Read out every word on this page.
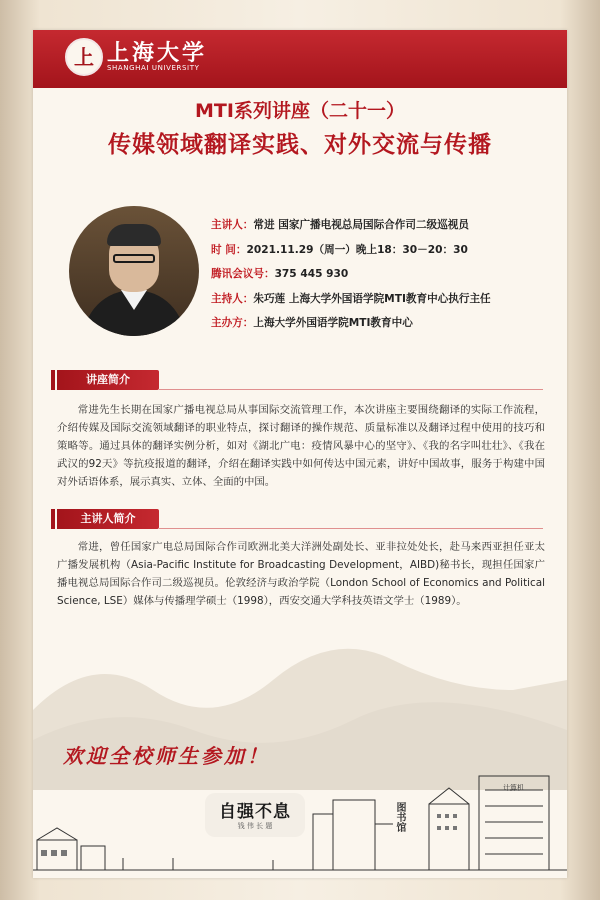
上 上海大学
SHANGHAI UNIVERSITY
MTI系列讲座（二十一）
传媒领域翻译实践、对外交流与传播
主讲人：常进 国家广播电视总局国际合作司二级巡视员
时 间：2021.11.29（周一）晚上18：30－20：30
腾讯会议号：375 445 930
主持人：朱巧莲 上海大学外国语学院MTI教育中心执行主任
主办方：上海大学外国语学院MTI教育中心
讲座简介
常进先生长期在国家广播电视总局从事国际交流管理工作，本次讲座主要围绕翻译的实际工作流程，介绍传媒及国际交流领域翻译的职业特点，探讨翻译的操作规范、质量标准以及翻译过程中使用的技巧和策略等。通过具体的翻译实例分析，如对《湖北广电：疫情风暴中心的坚守》、《我的名字叫壮壮》、《我在武汉的92天》等抗疫报道的翻译，介绍在翻译实践中如何传达中国元素，讲好中国故事，服务于构建中国对外话语体系，展示真实、立体、全面的中国。
主讲人简介
常进，曾任国家广电总局国际合作司欧洲北美大洋洲处副处长、亚非拉处处长，赴马来西亚担任亚太广播发展机构（Asia-Pacific Institute for Broadcasting Development，AIBD)秘书长，现担任国家广播电视总局国际合作司二级巡视员。伦敦经济与政治学院（London School of Economics and Political Science, LSE）媒体与传播理学硕士（1998），西安交通大学科技英语文学士（1989）。
欢迎全校师生参加！
自强不息
钱 伟 长 题	图书馆
计算机
